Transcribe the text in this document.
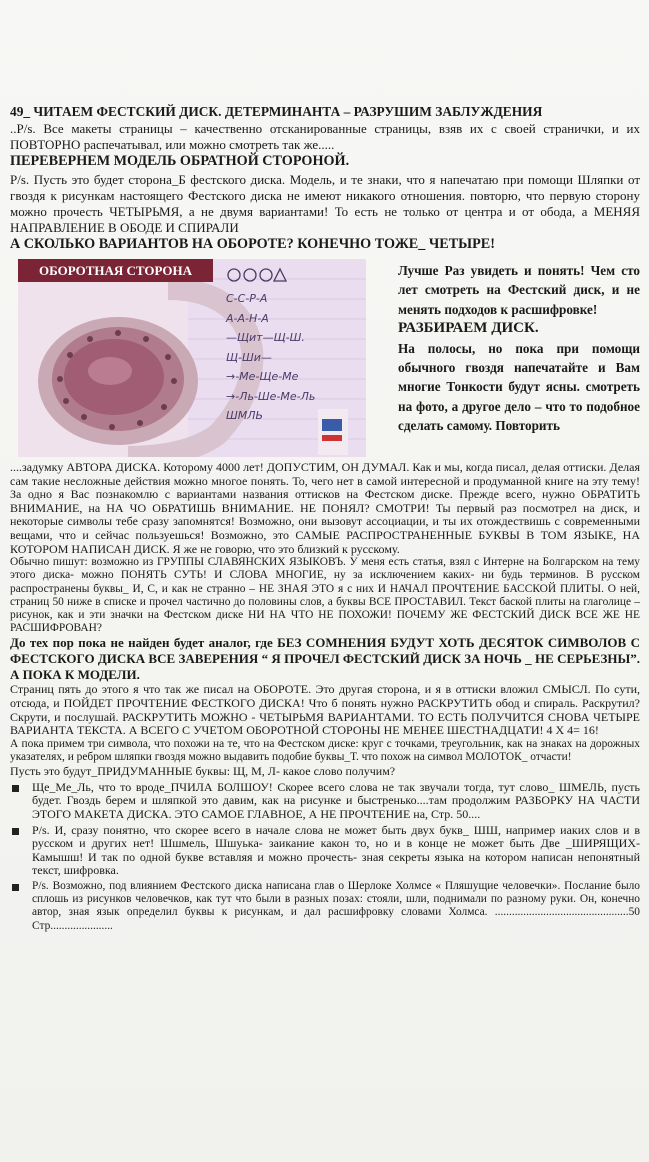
49_ ЧИТАЕМ ФЕСТСКИЙ ДИСК. ДЕТЕРМИНАНТА – РАЗРУШИМ ЗАБЛУЖДЕНИЯ

..P/s. Все макеты страницы – качественно отсканированные страницы, взяв их с своей странички, и их ПОВТОРНО распечатывал, или можно смотреть так же.....

ПЕРЕВЕРНЕМ МОДЕЛЬ ОБРАТНОЙ СТОРОНОЙ.

P/s. Пусть это будет сторона_Б фестского диска. Модель, и те знаки, что я напечатаю при помощи Шляпки от гвоздя к рисункам настоящего Фестского диска не имеют никакого отношения. повторю, что первую сторону можно прочесть ЧЕТЫРЬМЯ, а не двумя вариантами! То есть не только от центра и от обода, а МЕНЯЯ НАПРАВЛЕНИЕ В ОБОДЕ И СПИРАЛИ

А СКОЛЬКО ВАРИАНТОВ НА ОБОРОТЕ? КОНЕЧНО ТОЖЕ_ ЧЕТЫРЕ!

ОБОРОТНАЯ СТОРОНА
С-С-Р-А
А-А-Н-А
—Щит—Щ-Ш.
Щ-Ши—
→-Ме-Ще-Ме
→-Ль-Ше-Ме-Ль
ШМЛЬ
Лучше Раз увидеть и понять! Чем сто лет смотреть на Фестский диск, и не менять подходов к расшифровке!
РАЗБИРАЕМ ДИСК.
На полосы, но пока при помощи обычного гвоздя напечатайте и Вам многие Тонкости будут ясны. смотреть на фото, а другое дело – что то подобное сделать самому. Повторить

....задумку АВТОРА ДИСКА. Которому 4000 лет! ДОПУСТИМ, ОН ДУМАЛ. Как и мы, когда писал, делая оттиски. Делая сам такие несложные действия можно многое понять. То, чего нет в самой интересной и продуманной книге на эту тему! За одно я Вас познакомлю с вариантами названия оттисков на Фестском диске. Прежде всего, нужно ОБРАТИТЬ ВНИМАНИЕ, на НА ЧО ОБРАТИШЬ ВНИМАНИЕ. НЕ ПОНЯЛ? СМОТРИ! Ты первый раз посмотрел на диск, и некоторые символы тебе сразу запомнятся! Возможно, они вызовут ассоциации, и ты их отождествишь с современными вещами, что и сейчас пользуешься! Возможно, это САМЫЕ РАСПРОСТРАНЕННЫЕ БУКВЫ В ТОМ ЯЗЫКЕ, НА КОТОРОМ НАПИСАН ДИСК. Я же не говорю, что это близкий к русскому.

Обычно пишут: возможно из ГРУППЫ СЛАВЯНСКИХ ЯЗЫКОВЪ. У меня есть статья, взял с Интерне на Болгарском на тему этого диска- можно ПОНЯТЬ СУТЬ! И СЛОВА МНОГИЕ, ну за исключением каких- ни будь терминов. В русском распространены буквы_ И, С, и как не странно – НЕ ЗНАЯ ЭТО я с них И НАЧАЛ ПРОЧТЕНИЕ БАССКОЙ ПЛИТЫ. О ней, страниц 50 ниже в списке и прочел частично до половины слов, а буквы ВСЕ ПРОСТАВИЛ. Текст баской плиты на глаголице – рисунок, как и эти значки на Фестском диске НИ НА ЧТО НЕ ПОХОЖИ! ПОЧЕМУ ЖЕ ФЕСТСКИЙ ДИСК ВСЕ ЖЕ НЕ РАСШИФРОВАН?

До тех пор пока не найден будет аналог, где БЕЗ СОМНЕНИЯ БУДУТ ХОТЬ ДЕСЯТОК СИМВОЛОВ С ФЕСТСКОГО ДИСКА ВСЕ ЗАВЕРЕНИЯ “ Я ПРОЧЕЛ ФЕСТСКИЙ ДИСК ЗА НОЧЬ _ НЕ СЕРЬЕЗНЫ”. А ПОКА К МОДЕЛИ.

Страниц пять до этого я что так же писал на ОБОРОТЕ. Это другая сторона, и я в оттиски вложил СМЫСЛ. По сути, отсюда, и ПОЙДЕТ ПРОЧТЕНИЕ ФЕСТКОГО ДИСКА! Что б понять нужно РАСКРУТИТЬ обод и спираль. Раскрутил? Скрути, и послушай. РАСКРУТИТЬ МОЖНО - ЧЕТЫРЬМЯ ВАРИАНТАМИ. ТО ЕСТЬ ПОЛУЧИТСЯ СНОВА ЧЕТЫРЕ ВАРИАНТА ТЕКСТА. А ВСЕГО С УЧЕТОМ ОБОРОТНОЙ СТОРОНЫ НЕ МЕНЕЕ ШЕСТНАДЦАТИ! 4 X 4= 16!

А пока примем три символа, что похожи на те, что на Фестском диске: круг с точками, треугольник, как на знаках на дорожных указателях, и ребром шляпки гвоздя можно выдавить подобие буквы_Т. что похож на символ МОЛОТОК_ отчасти!

Пусть это будут_ПРИДУМАННЫЕ буквы: Щ, М, Л- какое слово получим?

Ще_Ме_Ль, что то вроде_ПЧИЛА БОЛШОУ! Скорее всего слова не так звучали тогда, тут слово_ ШМЕЛЬ, пусть будет. Гвоздь берем и шляпкой это давим, как на рисунке и быстренько....там продолжим РАЗБОРКУ НА ЧАСТИ ЭТОГО МАКЕТА ДИСКА. ЭТО САМОЕ ГЛАВНОЕ, А НЕ ПРОЧТЕНИЕ на, Стр. 50....

P/s. И, сразу понятно, что скорее всего в начале слова не может быть двух букв_ ШШ, например иаких слов и в русском и других нет! Шшмель, Шшуька- заикание какон то, но и в конце не может быть Две _ШИРЯЩИХ- Камышш! И так по одной букве вставляя и можно прочесть- зная секреты языка на котором написан непонятный текст, шифровка.

P/s. Возможно, под влиянием Фестского диска написана глав о Шерлоке Холмсе « Пляшущие человечки». Послание было сплошь из рисунков человечков, как тут что были в разных позах: стояли, шли, поднимали по разному руки. Он, конечно автор, зная язык определил буквы к рисункам, и дал расшифровку словами Холмса. ...............................................50 Стр......................
